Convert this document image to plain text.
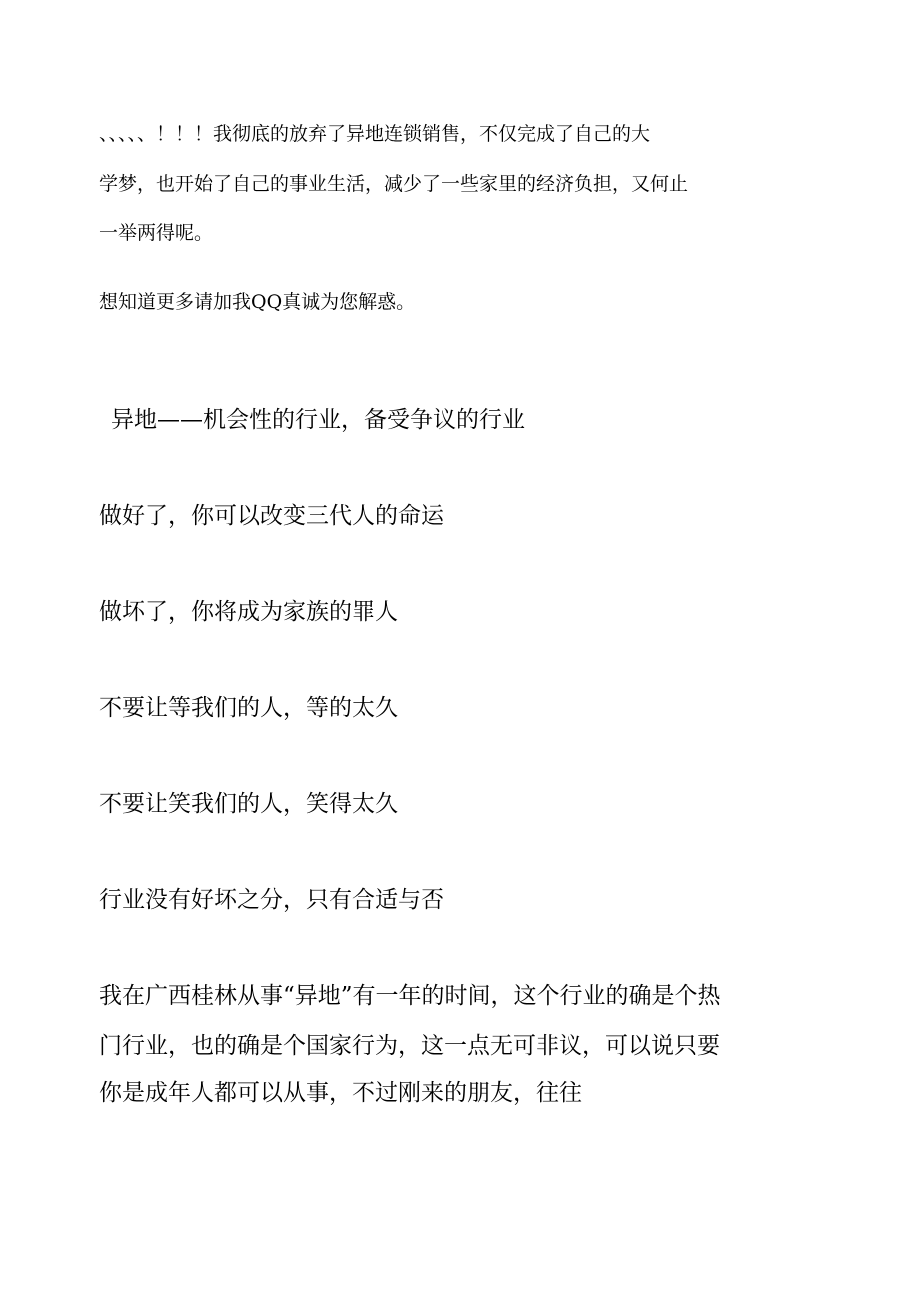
、、、、、！！！我彻底的放弃了异地连锁销售，不仅完成了自己的大
学梦，也开始了自己的事业生活，减少了一些家里的经济负担，又何止
一举两得呢。
想知道更多请加我QQ真诚为您解惑。
异地——机会性的行业，备受争议的行业
做好了，你可以改变三代人的命运
做坏了，你将成为家族的罪人
不要让等我们的人，等的太久
不要让笑我们的人，笑得太久
行业没有好坏之分，只有合适与否
我在广西桂林从事“异地”有一年的时间，这个行业的确是个热
门行业，也的确是个国家行为，这一点无可非议，可以说只要
你是成年人都可以从事，不过刚来的朋友，往往
